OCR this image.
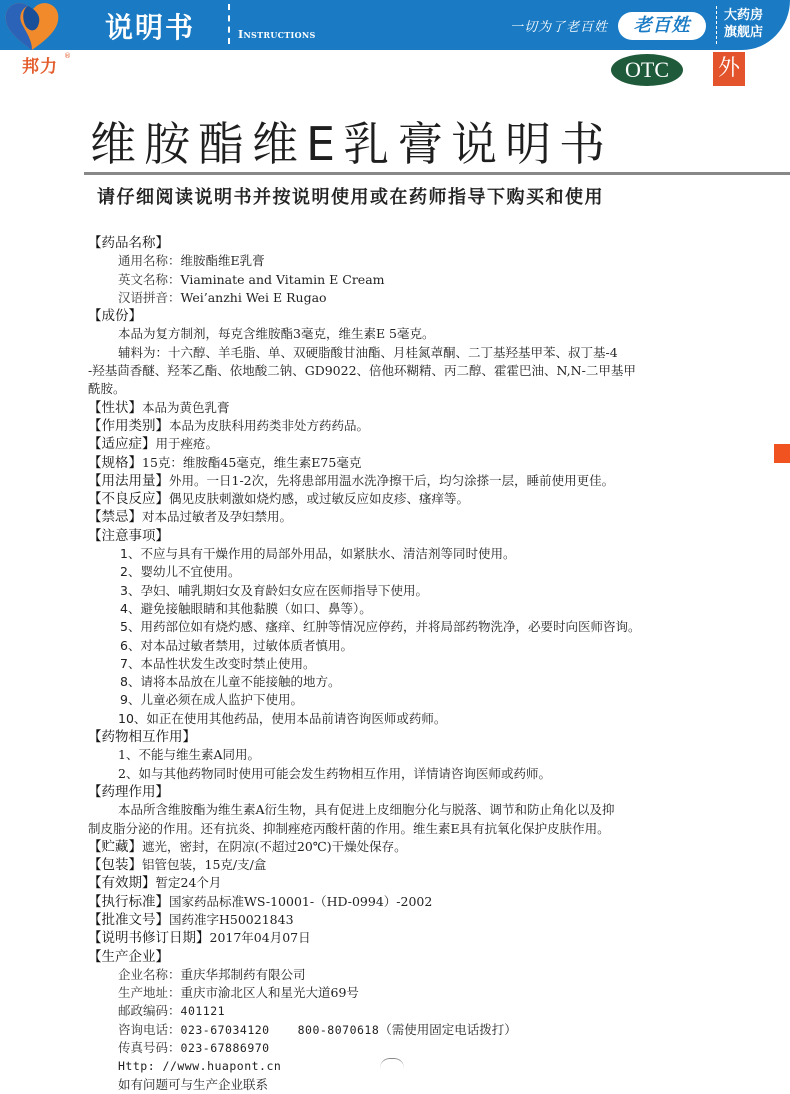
邦力
®
说明书	Instructions	一切为了老百姓	老百姓	大药房
旗舰店
OTC	外
维胺酯维E乳膏说明书
请仔细阅读说明书并按说明使用或在药师指导下购买和使用
【药品名称】
通用名称：维胺酯维E乳膏
英文名称：Viaminate and Vitamin E Cream
汉语拼音：Wei’anzhi Wei E Rugao
【成份】
本品为复方制剂，每克含维胺酯3毫克，维生素E 5毫克。
辅料为：十六醇、羊毛脂、单、双硬脂酸甘油酯、月桂氮䓬酮、二丁基羟基甲苯、叔丁基-4
-羟基茴香醚、羟苯乙酯、依地酸二钠、GD9022、倍他环糊精、丙二醇、霍霍巴油、N,N-二甲基甲
酰胺。
【性状】本品为黄色乳膏
【作用类别】本品为皮肤科用药类非处方药药品。
【适应症】用于痤疮。
【规格】15克：维胺酯45毫克，维生素E75毫克
【用法用量】外用。一日1-2次，先将患部用温水洗净擦干后，均匀涂搽一层，睡前使用更佳。
【不良反应】偶见皮肤刺激如烧灼感，或过敏反应如皮疹、瘙痒等。
【禁忌】对本品过敏者及孕妇禁用。
【注意事项】
1、不应与具有干燥作用的局部外用品，如紧肤水、清洁剂等同时使用。
2、婴幼儿不宜使用。
3、孕妇、哺乳期妇女及育龄妇女应在医师指导下使用。
4、避免接触眼睛和其他黏膜（如口、鼻等）。
5、用药部位如有烧灼感、瘙痒、红肿等情况应停药，并将局部药物洗净，必要时向医师咨询。
6、对本品过敏者禁用，过敏体质者慎用。
7、本品性状发生改变时禁止使用。
8、请将本品放在儿童不能接触的地方。
9、儿童必须在成人监护下使用。
10、如正在使用其他药品，使用本品前请咨询医师或药师。
【药物相互作用】
1、不能与维生素A同用。
2、如与其他药物同时使用可能会发生药物相互作用，详情请咨询医师或药师。
【药理作用】
本品所含维胺酯为维生素A衍生物，具有促进上皮细胞分化与脱落、调节和防止角化以及抑
制皮脂分泌的作用。还有抗炎、抑制痤疮丙酸杆菌的作用。维生素E具有抗氧化保护皮肤作用。
【贮藏】遮光，密封，在阴凉(不超过20℃)干燥处保存。
【包装】铝管包装，15克/支/盒
【有效期】暂定24个月
【执行标准】国家药品标准WS-10001-（HD-0994）-2002
【批准文号】国药准字H50021843
【说明书修订日期】2017年04月07日
【生产企业】
企业名称：重庆华邦制药有限公司
生产地址：重庆市渝北区人和星光大道69号
邮政编码：401121
咨询电话：023-67034120 800-8070618（需使用固定电话拨打）
传真号码：023-67886970
Http: //www.huapont.cn
如有问题可与生产企业联系
